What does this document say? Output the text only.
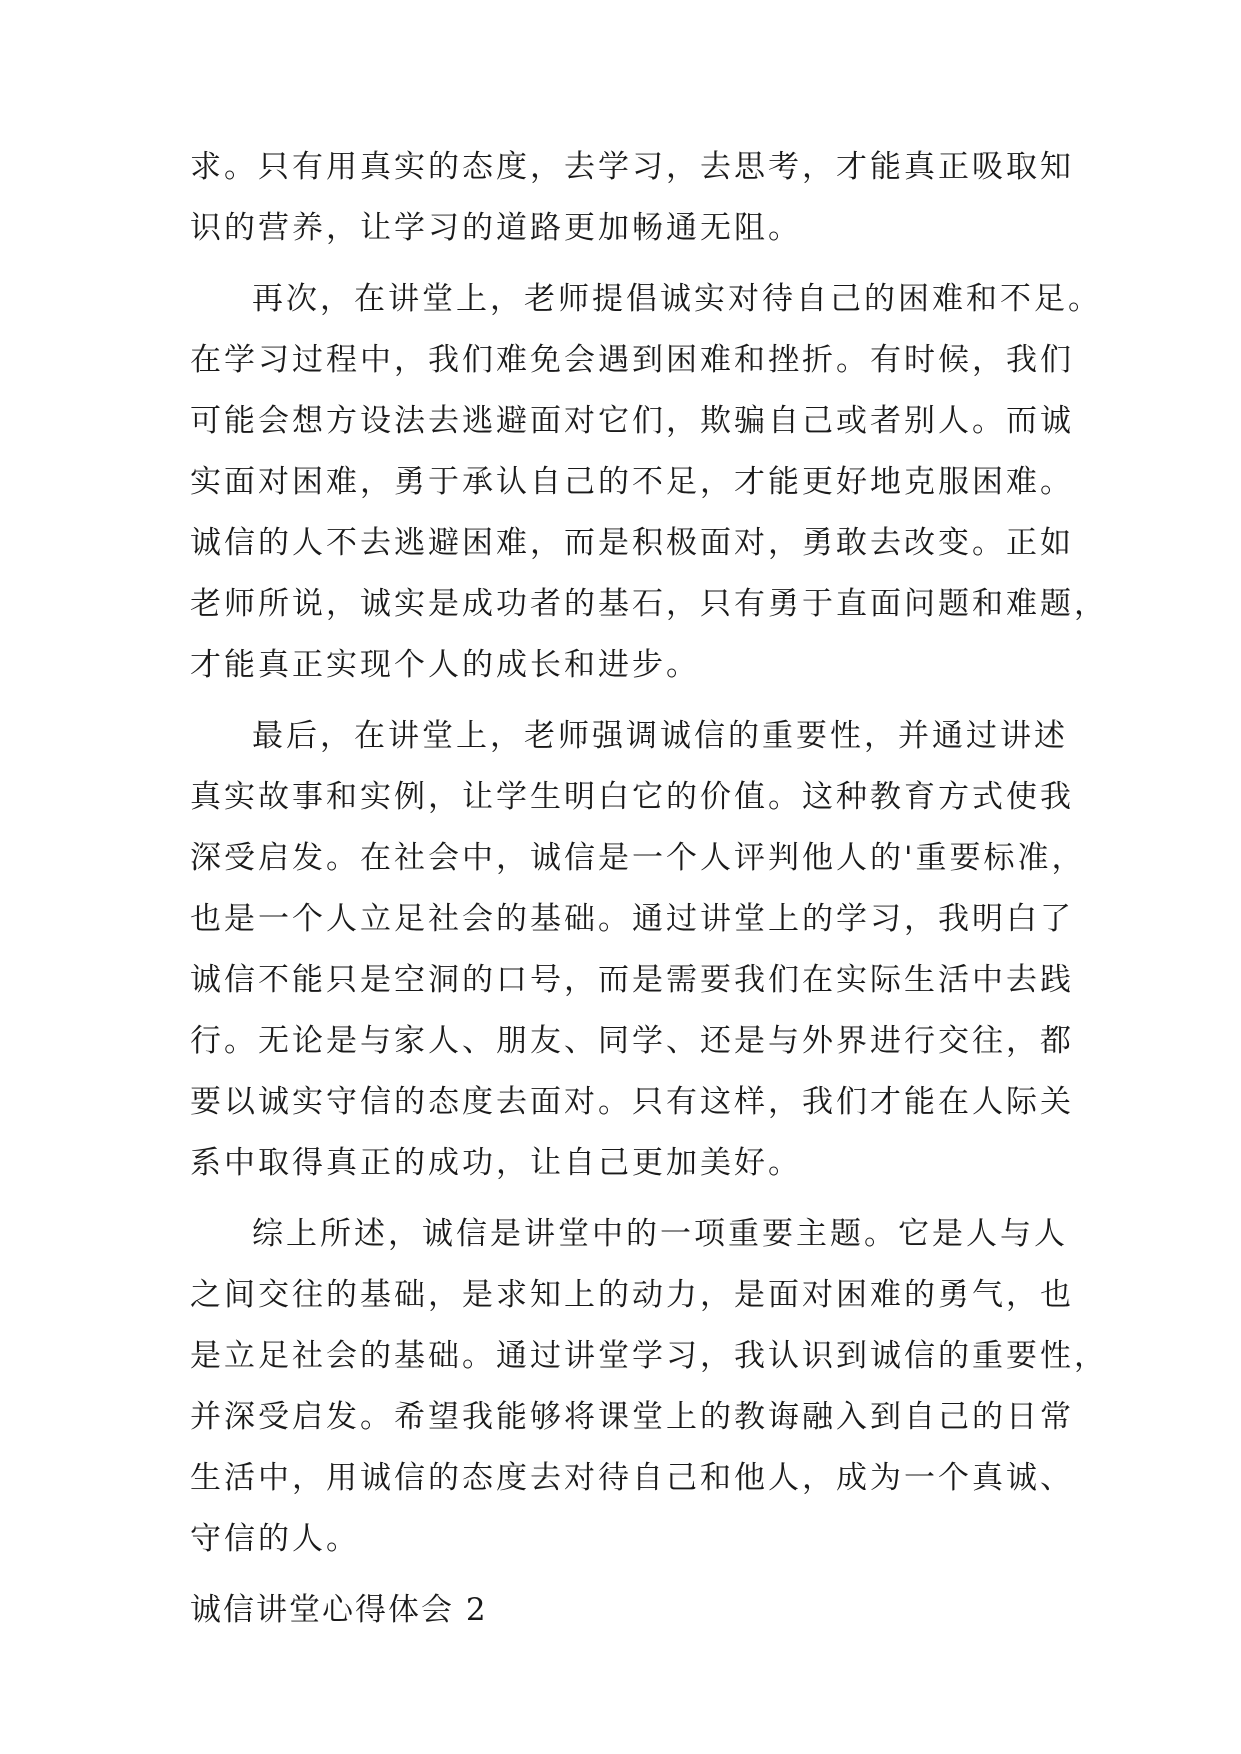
求。只有用真实的态度，去学习，去思考，才能真正吸取知
识的营养，让学习的道路更加畅通无阻。
再次，在讲堂上，老师提倡诚实对待自己的困难和不足。
在学习过程中，我们难免会遇到困难和挫折。有时候，我们
可能会想方设法去逃避面对它们，欺骗自己或者别人。而诚
实面对困难，勇于承认自己的不足，才能更好地克服困难。
诚信的人不去逃避困难，而是积极面对，勇敢去改变。正如
老师所说，诚实是成功者的基石，只有勇于直面问题和难题，
才能真正实现个人的成长和进步。
最后，在讲堂上，老师强调诚信的重要性，并通过讲述
真实故事和实例，让学生明白它的价值。这种教育方式使我
深受启发。在社会中，诚信是一个人评判他人的'重要标准，
也是一个人立足社会的基础。通过讲堂上的学习，我明白了
诚信不能只是空洞的口号，而是需要我们在实际生活中去践
行。无论是与家人、朋友、同学、还是与外界进行交往，都
要以诚实守信的态度去面对。只有这样，我们才能在人际关
系中取得真正的成功，让自己更加美好。
综上所述，诚信是讲堂中的一项重要主题。它是人与人
之间交往的基础，是求知上的动力，是面对困难的勇气，也
是立足社会的基础。通过讲堂学习，我认识到诚信的重要性，
并深受启发。希望我能够将课堂上的教诲融入到自己的日常
生活中，用诚信的态度去对待自己和他人，成为一个真诚、
守信的人。
诚信讲堂心得体会 2
